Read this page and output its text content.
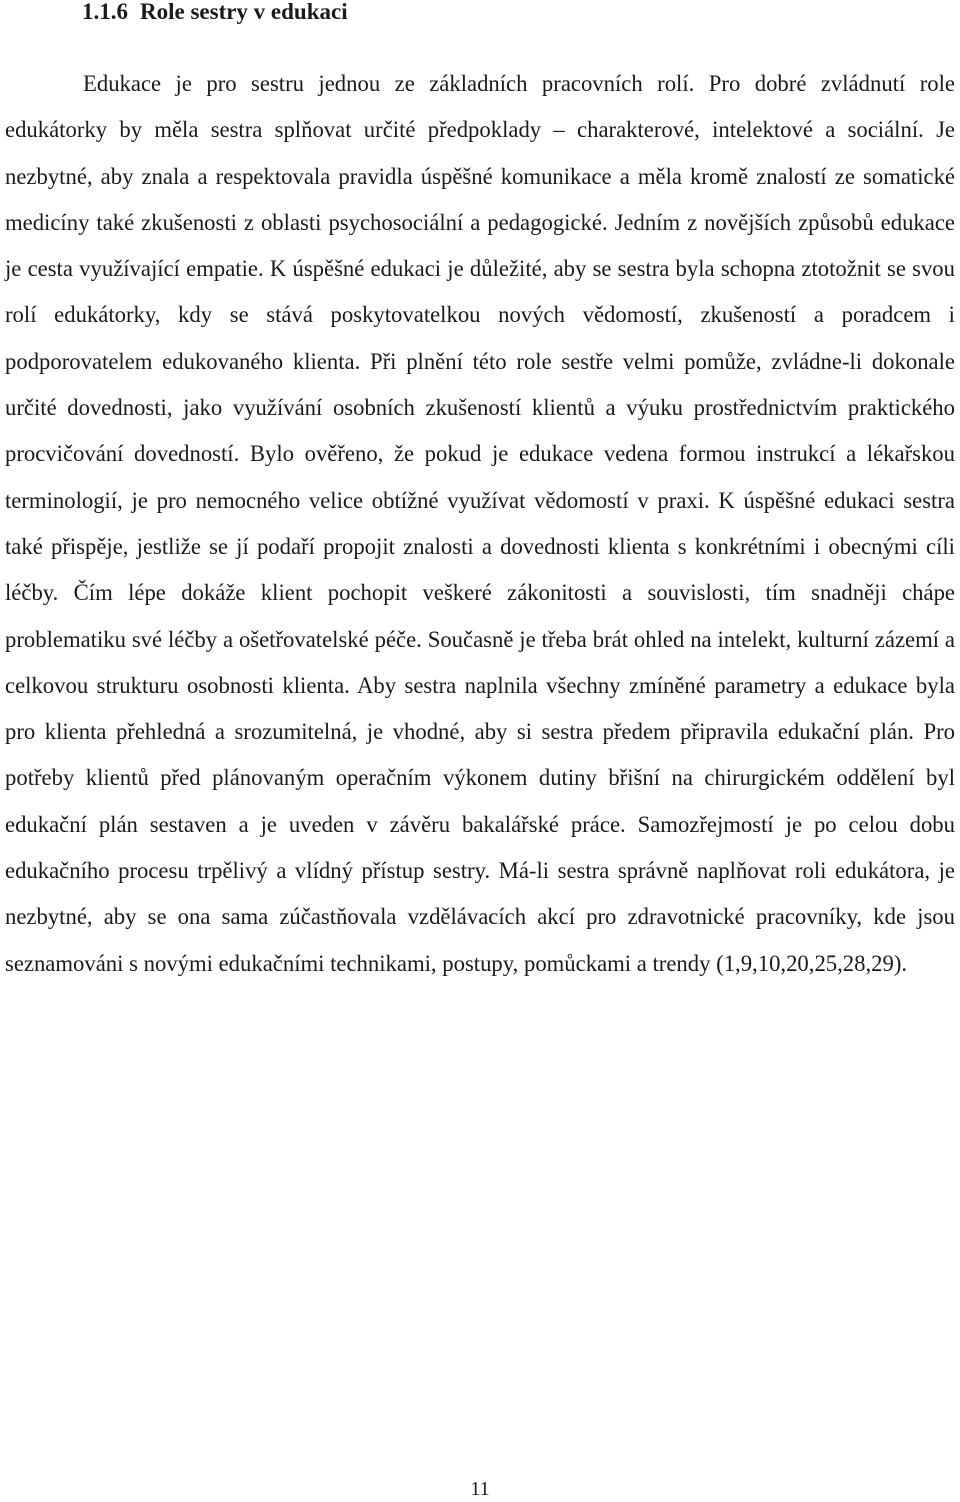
1.1.6 Role sestry v edukaci

Edukace je pro sestru jednou ze základních pracovních rolí. Pro dobré zvládnutí role edukátorky by měla sestra splňovat určité předpoklady – charakterové, intelektové a sociální. Je nezbytné, aby znala a respektovala pravidla úspěšné komunikace a měla kromě znalostí ze somatické medicíny také zkušenosti z oblasti psychosociální a pedagogické. Jedním z novějších způsobů edukace je cesta využívající empatie. K úspěšné edukaci je důležité, aby se sestra byla schopna ztotožnit se svou rolí edukátorky, kdy se stává poskytovatelkou nových vědomostí, zkušeností a poradcem i podporovatelem edukovaného klienta. Při plnění této role sestře velmi pomůže, zvládne-li dokonale určité dovednosti, jako využívání osobních zkušeností klientů a výuku prostřednictvím praktického procvičování dovedností. Bylo ověřeno, že pokud je edukace vedena formou instrukcí a lékařskou terminologií, je pro nemocného velice obtížné využívat vědomostí v praxi. K úspěšné edukaci sestra také přispěje, jestliže se jí podaří propojit znalosti a dovednosti klienta s konkrétními i obecnými cíli léčby. Čím lépe dokáže klient pochopit veškeré zákonitosti a souvislosti, tím snadněji chápe problematiku své léčby a ošetřovatelské péče. Současně je třeba brát ohled na intelekt, kulturní zázemí a celkovou strukturu osobnosti klienta. Aby sestra naplnila všechny zmíněné parametry a edukace byla pro klienta přehledná a srozumitelná, je vhodné, aby si sestra předem připravila edukační plán. Pro potřeby klientů před plánovaným operačním výkonem dutiny břišní na chirurgickém oddělení byl edukační plán sestaven a je uveden v závěru bakalářské práce. Samozřejmostí je po celou dobu edukačního procesu trpělivý a vlídný přístup sestry. Má-li sestra správně naplňovat roli edukátora, je nezbytné, aby se ona sama zúčastňovala vzdělávacích akcí pro zdravotnické pracovníky, kde jsou seznamováni s novými edukačními technikami, postupy, pomůckami a trendy (1,9,10,20,25,28,29).

11
